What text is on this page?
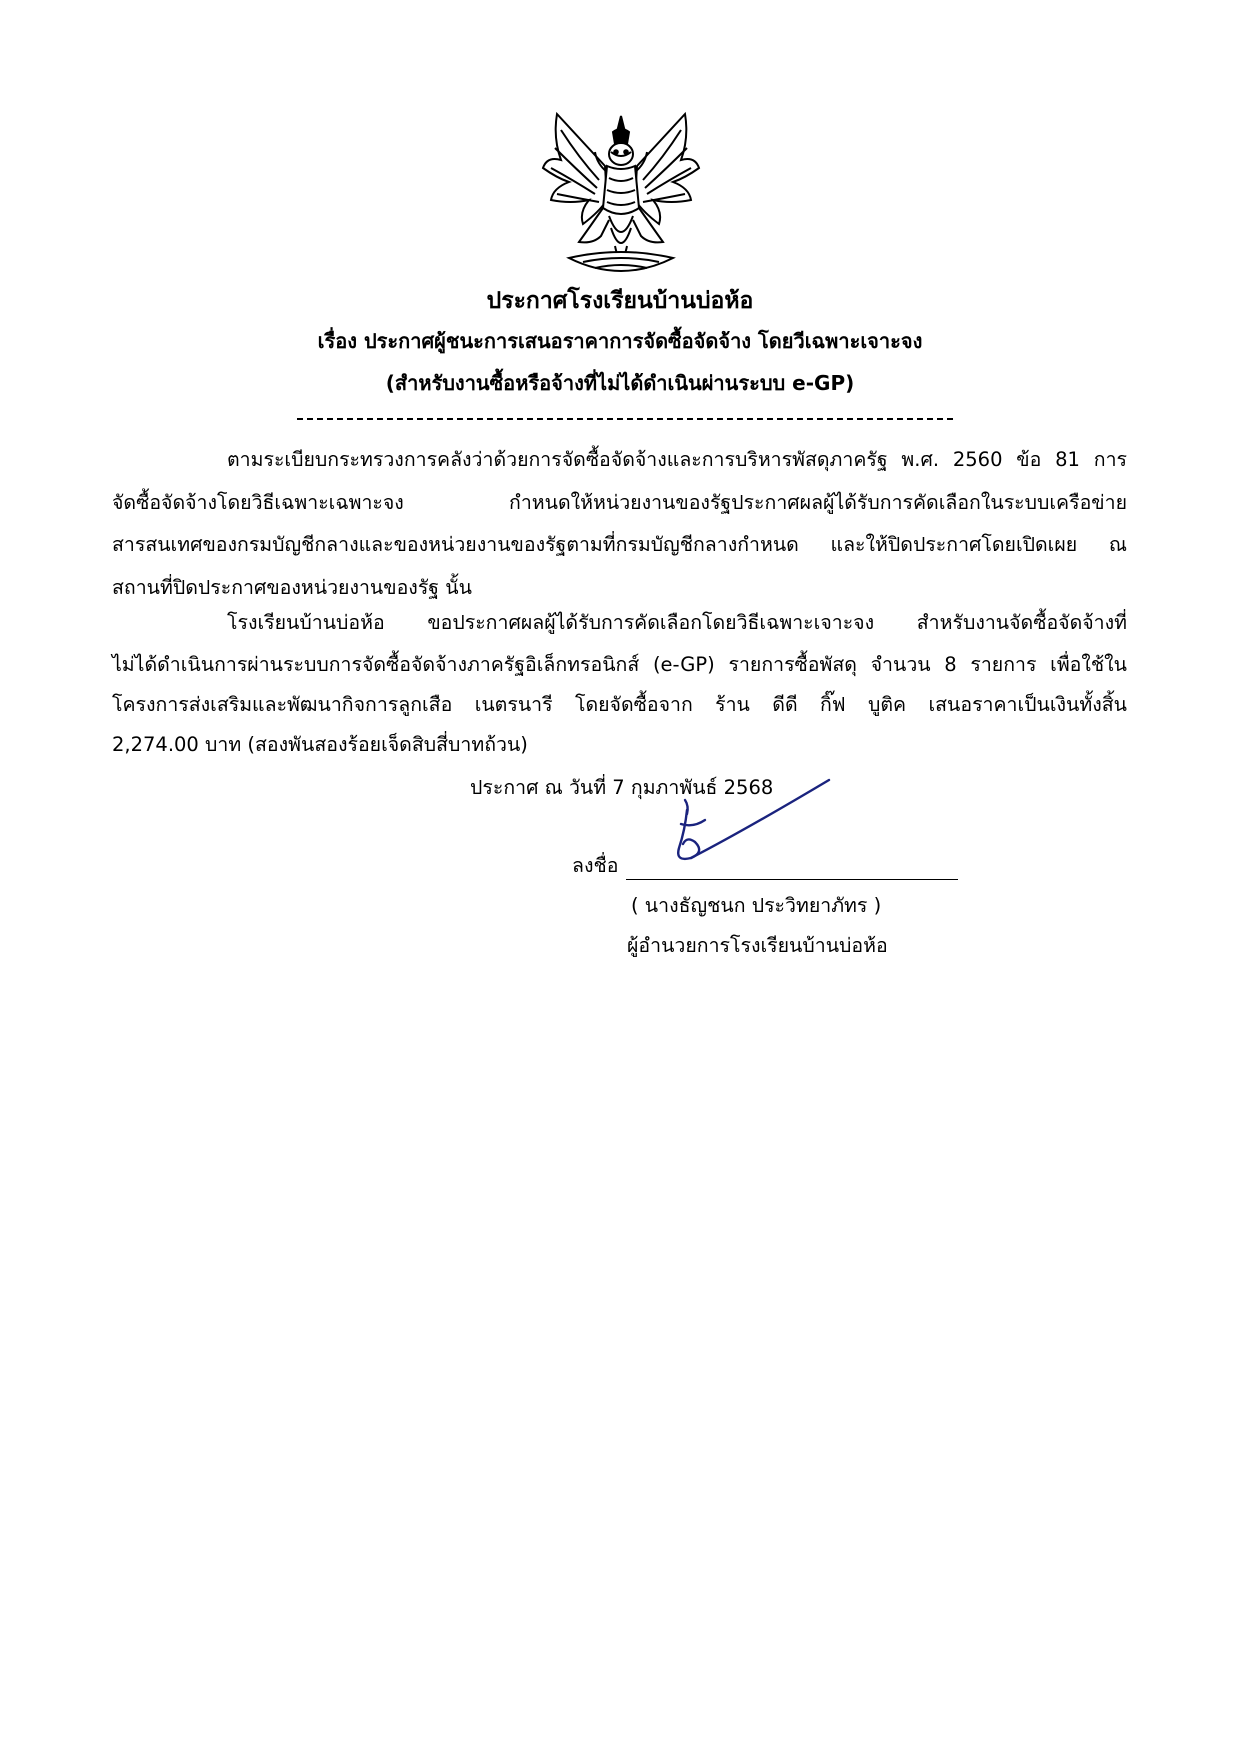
ประกาศโรงเรียนบ้านบ่อห้อ
เรื่อง ประกาศผู้ชนะการเสนอราคาการจัดซื้อจัดจ้าง โดยวีเฉพาะเจาะจง
(สำหรับงานซื้อหรือจ้างที่ไม่ได้ดำเนินผ่านระบบ e-GP)
ตามระเบียบกระทรวงการคลังว่าด้วยการจัดซื้อจัดจ้างและการบริหารพัสดุภาครัฐ พ.ศ. 2560 ข้อ 81 การ
จัดซื้อจัดจ้างโดยวิธีเฉพาะเฉพาะจง กำหนดให้หน่วยงานของรัฐประกาศผลผู้ได้รับการคัดเลือกในระบบเครือข่าย
สารสนเทศของกรมบัญชีกลางและของหน่วยงานของรัฐตามที่กรมบัญชีกลางกำหนด และให้ปิดประกาศโดยเปิดเผย ณ
สถานที่ปิดประกาศของหน่วยงานของรัฐ นั้น
โรงเรียนบ้านบ่อห้อ ขอประกาศผลผู้ได้รับการคัดเลือกโดยวิธีเฉพาะเจาะจง สำหรับงานจัดซื้อจัดจ้างที่
ไม่ได้ดำเนินการผ่านระบบการจัดซื้อจัดจ้างภาครัฐอิเล็กทรอนิกส์ (e-GP) รายการซื้อพัสดุ จำนวน 8 รายการ เพื่อใช้ใน
โครงการส่งเสริมและพัฒนากิจการลูกเสือ เนตรนารี โดยจัดซื้อจาก ร้าน ดีดี กิ๊ฟ บูติค เสนอราคาเป็นเงินทั้งสิ้น
2,274.00 บาท (สองพันสองร้อยเจ็ดสิบสี่บาทถ้วน)
ประกาศ ณ วันที่ 7 กุมภาพันธ์ 2568
ลงชื่อ
( นางธัญชนก ประวิทยาภัทร )
ผู้อำนวยการโรงเรียนบ้านบ่อห้อ
